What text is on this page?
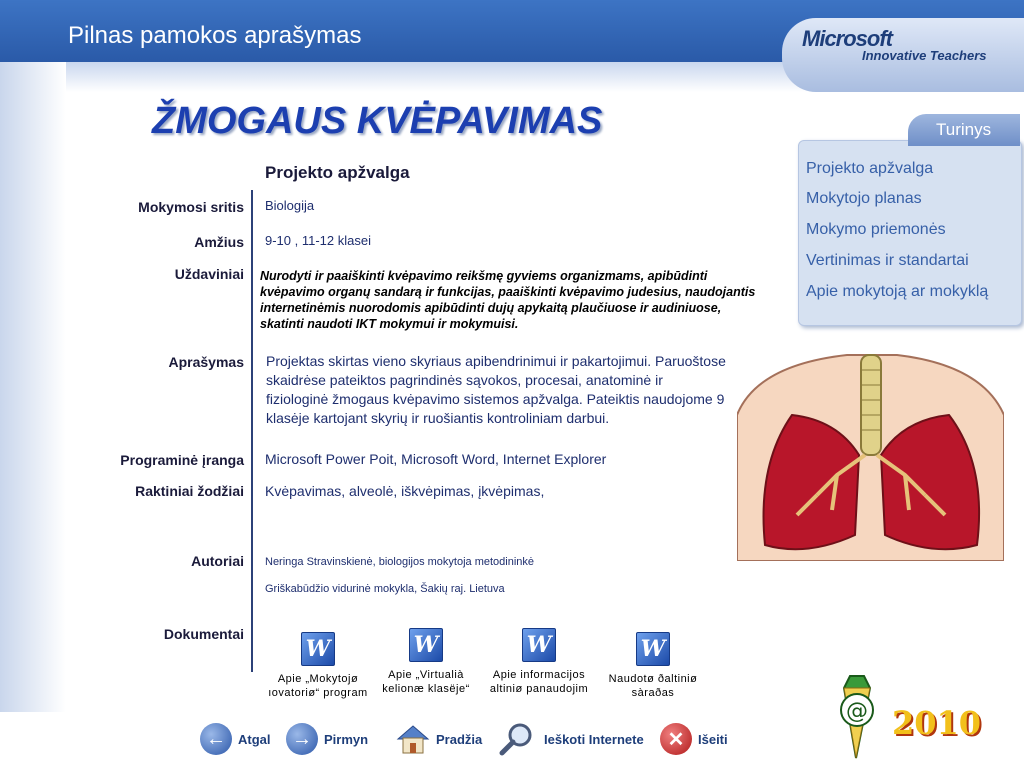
Pilnas pamokos aprašymas	Microsoft
Innovative Teachers
ŽMOGAUS KVĖPAVIMAS	Turinys
Projekto apžvalga
Mokytojo planas
Mokymo priemonės
Vertinimas ir standartai
Apie mokytoją ar mokyklą
Projekto apžvalga
Mokymosi sritis Biologija
Amžius 9-10 , 11-12 klasei
Uždaviniai Nurodyti ir paaiškinti kvėpavimo reikšmę gyviems organizmams, apibūdinti kvėpavimo organų sandarą ir funkcijas, paaiškinti kvėpavimo judesius, naudojantis internetinėmis nuorodomis apibūdinti dujų apykaitą plaučiuose ir audiniuose, skatinti naudoti IKT mokymui ir mokymuisi.
Aprašymas Projektas skirtas vieno skyriaus apibendrinimui ir pakartojimui. Paruoštose skaidrėse pateiktos pagrindinės sąvokos, procesai, anatominė ir fiziologinė žmogaus kvėpavimo sistemos apžvalga. Pateiktis naudojome 9 klasėje kartojant skyrių ir ruošiantis kontroliniam darbui.
Programinė įranga Microsoft Power Poit, Microsoft Word, Internet Explorer
Raktiniai žodžiai Kvėpavimas, alveolė, iškvėpimas, įkvėpimas,
Autoriai Neringa Stravinskienė, biologijos mokytoja metodininkė
Griškabūdžio vidurinė mokykla, Šakių raj. Lietuva
Dokumentai
W
Apie „Mokytojø
ıovatoriø“ program
W
Apie „Virtualià
kelionæ klasëje“
W
Apie informacijos
altiniø panaudojim
W
Naudotø ðaltiniø
sàraðas
← Atgal	→ Pirmyn	Pradžia	Ieškoti Internete	✕	Išeiti
@ 2010
